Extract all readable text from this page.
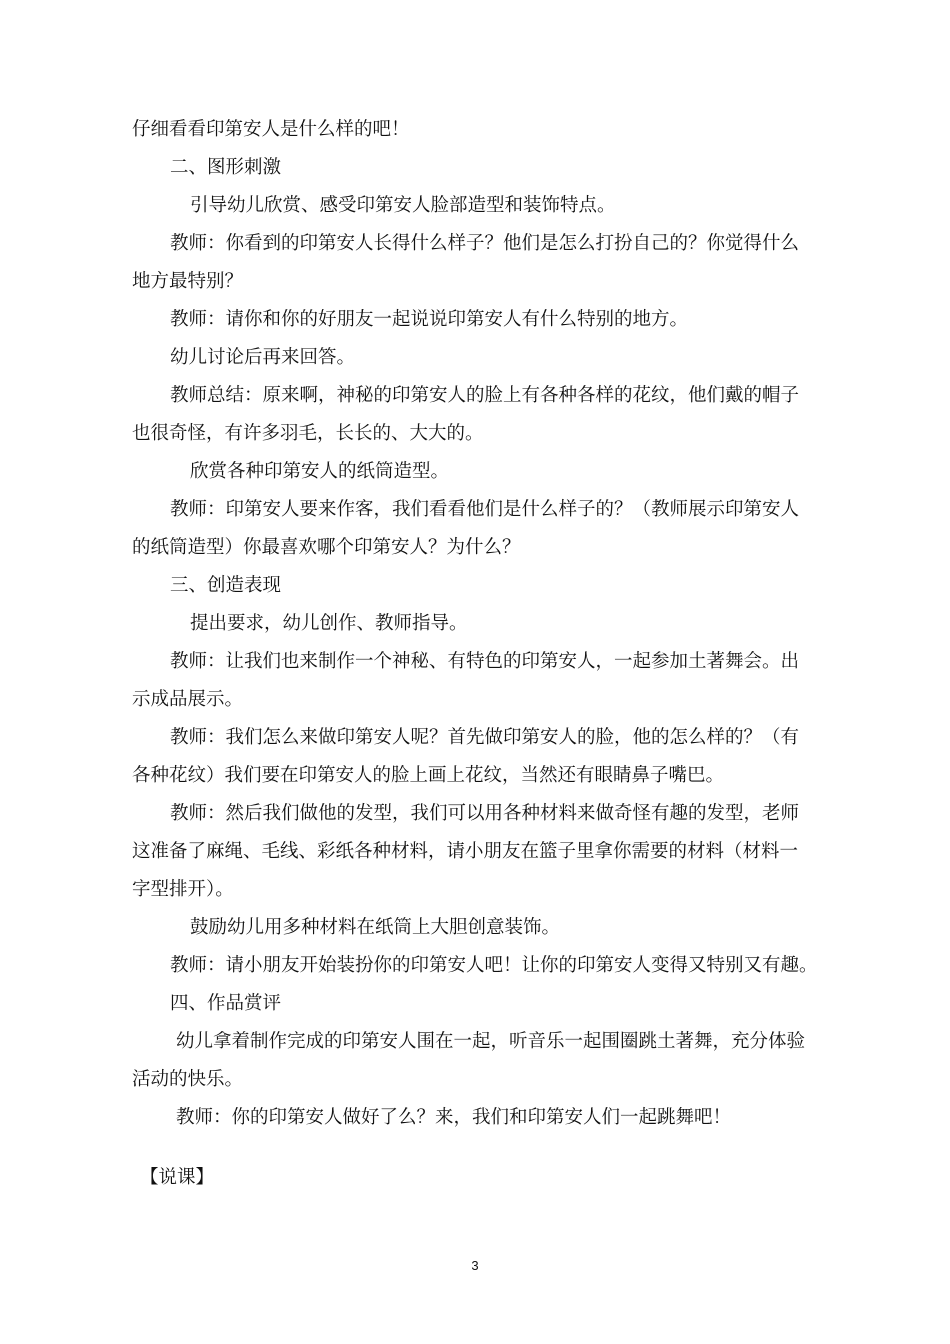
仔细看看印第安人是什么样的吧！
二、图形刺激
引导幼儿欣赏、感受印第安人脸部造型和装饰特点。
教师：你看到的印第安人长得什么样子？他们是怎么打扮自己的？你觉得什么
地方最特别？
教师：请你和你的好朋友一起说说印第安人有什么特别的地方。
幼儿讨论后再来回答。
教师总结：原来啊，神秘的印第安人的脸上有各种各样的花纹，他们戴的帽子
也很奇怪，有许多羽毛，长长的、大大的。
欣赏各种印第安人的纸筒造型。
教师：印第安人要来作客，我们看看他们是什么样子的？（教师展示印第安人
的纸筒造型）你最喜欢哪个印第安人？为什么？
三、创造表现
提出要求，幼儿创作、教师指导。
教师：让我们也来制作一个神秘、有特色的印第安人，一起参加土著舞会。出
示成品展示。
教师：我们怎么来做印第安人呢？首先做印第安人的脸，他的怎么样的？（有
各种花纹）我们要在印第安人的脸上画上花纹，当然还有眼睛鼻子嘴巴。
教师：然后我们做他的发型，我们可以用各种材料来做奇怪有趣的发型，老师
这准备了麻绳、毛线、彩纸各种材料，请小朋友在篮子里拿你需要的材料（材料一
字型排开）。
鼓励幼儿用多种材料在纸筒上大胆创意装饰。
教师：请小朋友开始装扮你的印第安人吧！让你的印第安人变得又特别又有趣。
四、作品赏评
幼儿拿着制作完成的印第安人围在一起，听音乐一起围圈跳土著舞，充分体验
活动的快乐。
教师：你的印第安人做好了么？来，我们和印第安人们一起跳舞吧！
【说课】
3
